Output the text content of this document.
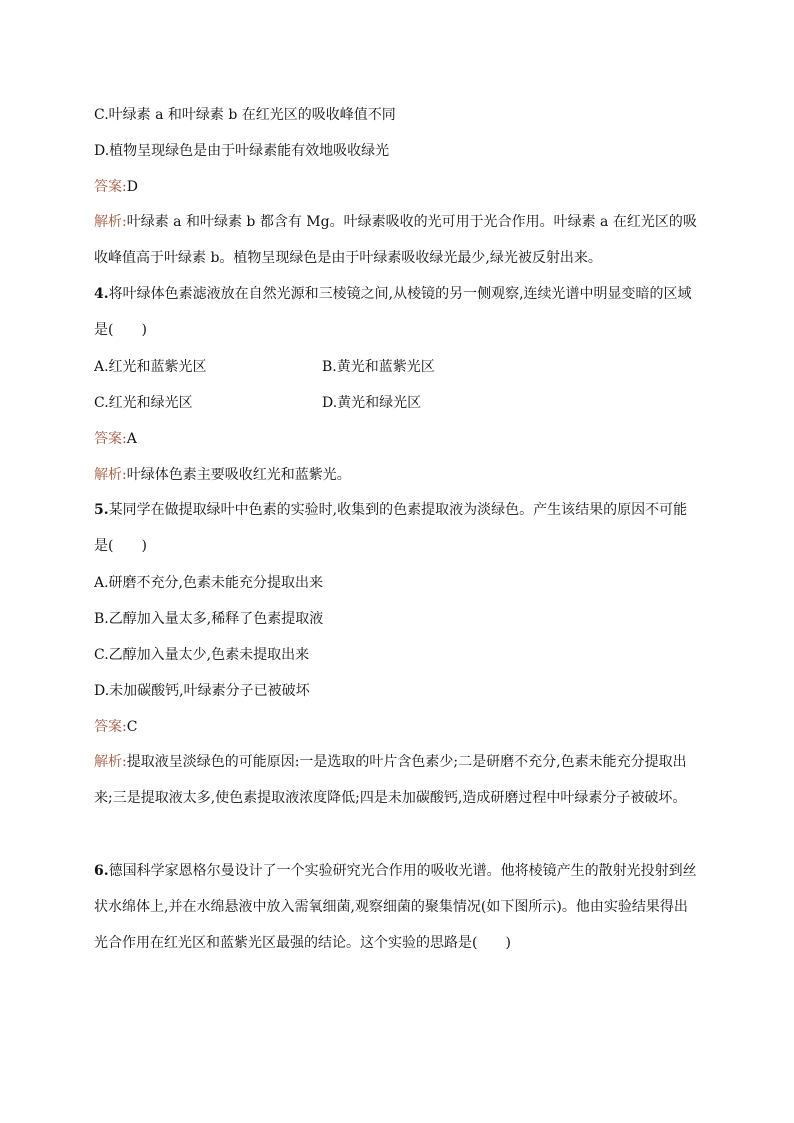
C.叶绿素 a 和叶绿素 b 在红光区的吸收峰值不同
D.植物呈现绿色是由于叶绿素能有效地吸收绿光
答案:D
解析:叶绿素 a 和叶绿素 b 都含有 Mg。叶绿素吸收的光可用于光合作用。叶绿素 a 在红光区的吸收峰值高于叶绿素 b。植物呈现绿色是由于叶绿素吸收绿光最少,绿光被反射出来。
4.将叶绿体色素滤液放在自然光源和三棱镜之间,从棱镜的另一侧观察,连续光谱中明显变暗的区域是(　　)
A.红光和蓝紫光区	B.黄光和蓝紫光区
C.红光和绿光区	D.黄光和绿光区
答案:A
解析:叶绿体色素主要吸收红光和蓝紫光。
5.某同学在做提取绿叶中色素的实验时,收集到的色素提取液为淡绿色。产生该结果的原因不可能是(　　)
A.研磨不充分,色素未能充分提取出来
B.乙醇加入量太多,稀释了色素提取液
C.乙醇加入量太少,色素未提取出来
D.未加碳酸钙,叶绿素分子已被破坏
答案:C
解析:提取液呈淡绿色的可能原因:一是选取的叶片含色素少;二是研磨不充分,色素未能充分提取出来;三是提取液太多,使色素提取液浓度降低;四是未加碳酸钙,造成研磨过程中叶绿素分子被破坏。
6.德国科学家恩格尔曼设计了一个实验研究光合作用的吸收光谱。他将棱镜产生的散射光投射到丝状水绵体上,并在水绵悬液中放入需氧细菌,观察细菌的聚集情况(如下图所示)。他由实验结果得出光合作用在红光区和蓝紫光区最强的结论。这个实验的思路是(　　)
